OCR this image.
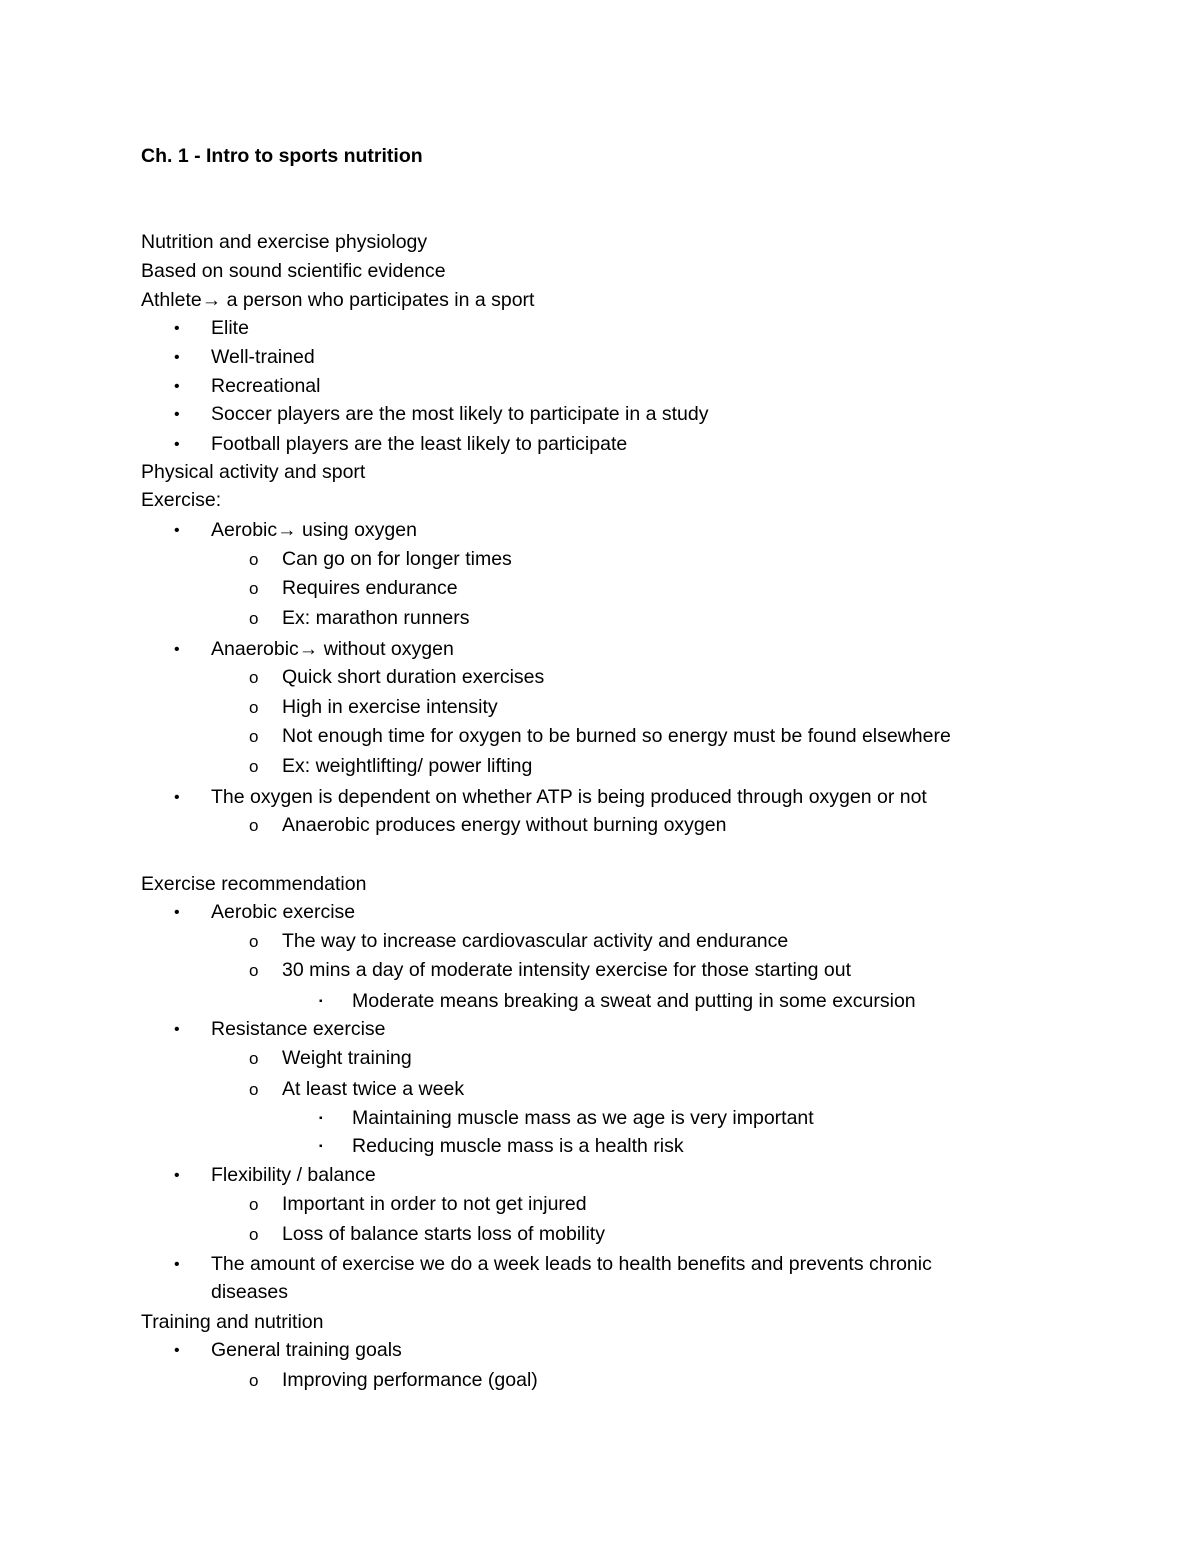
Ch. 1 - Intro to sports nutrition
Nutrition and exercise physiology
Based on sound scientific evidence
Athlete→ a person who participates in a sport
• Elite
• Well-trained
• Recreational
• Soccer players are the most likely to participate in a study
• Football players are the least likely to participate
Physical activity and sport
Exercise:
• Aerobic→ using oxygen
o Can go on for longer times
o Requires endurance
o Ex: marathon runners
• Anaerobic→ without oxygen
o Quick short duration exercises
o High in exercise intensity
o Not enough time for oxygen to be burned so energy must be found elsewhere
o Ex: weightlifting/ power lifting
• The oxygen is dependent on whether ATP is being produced through oxygen or not
o Anaerobic produces energy without burning oxygen
Exercise recommendation
• Aerobic exercise
o The way to increase cardiovascular activity and endurance
o 30 mins a day of moderate intensity exercise for those starting out
▪ Moderate means breaking a sweat and putting in some excursion
• Resistance exercise
o Weight training
o At least twice a week
▪ Maintaining muscle mass as we age is very important
▪ Reducing muscle mass is a health risk
• Flexibility / balance
o Important in order to not get injured
o Loss of balance starts loss of mobility
• The amount of exercise we do a week leads to health benefits and prevents chronic
diseases
Training and nutrition
• General training goals
o Improving performance (goal)
